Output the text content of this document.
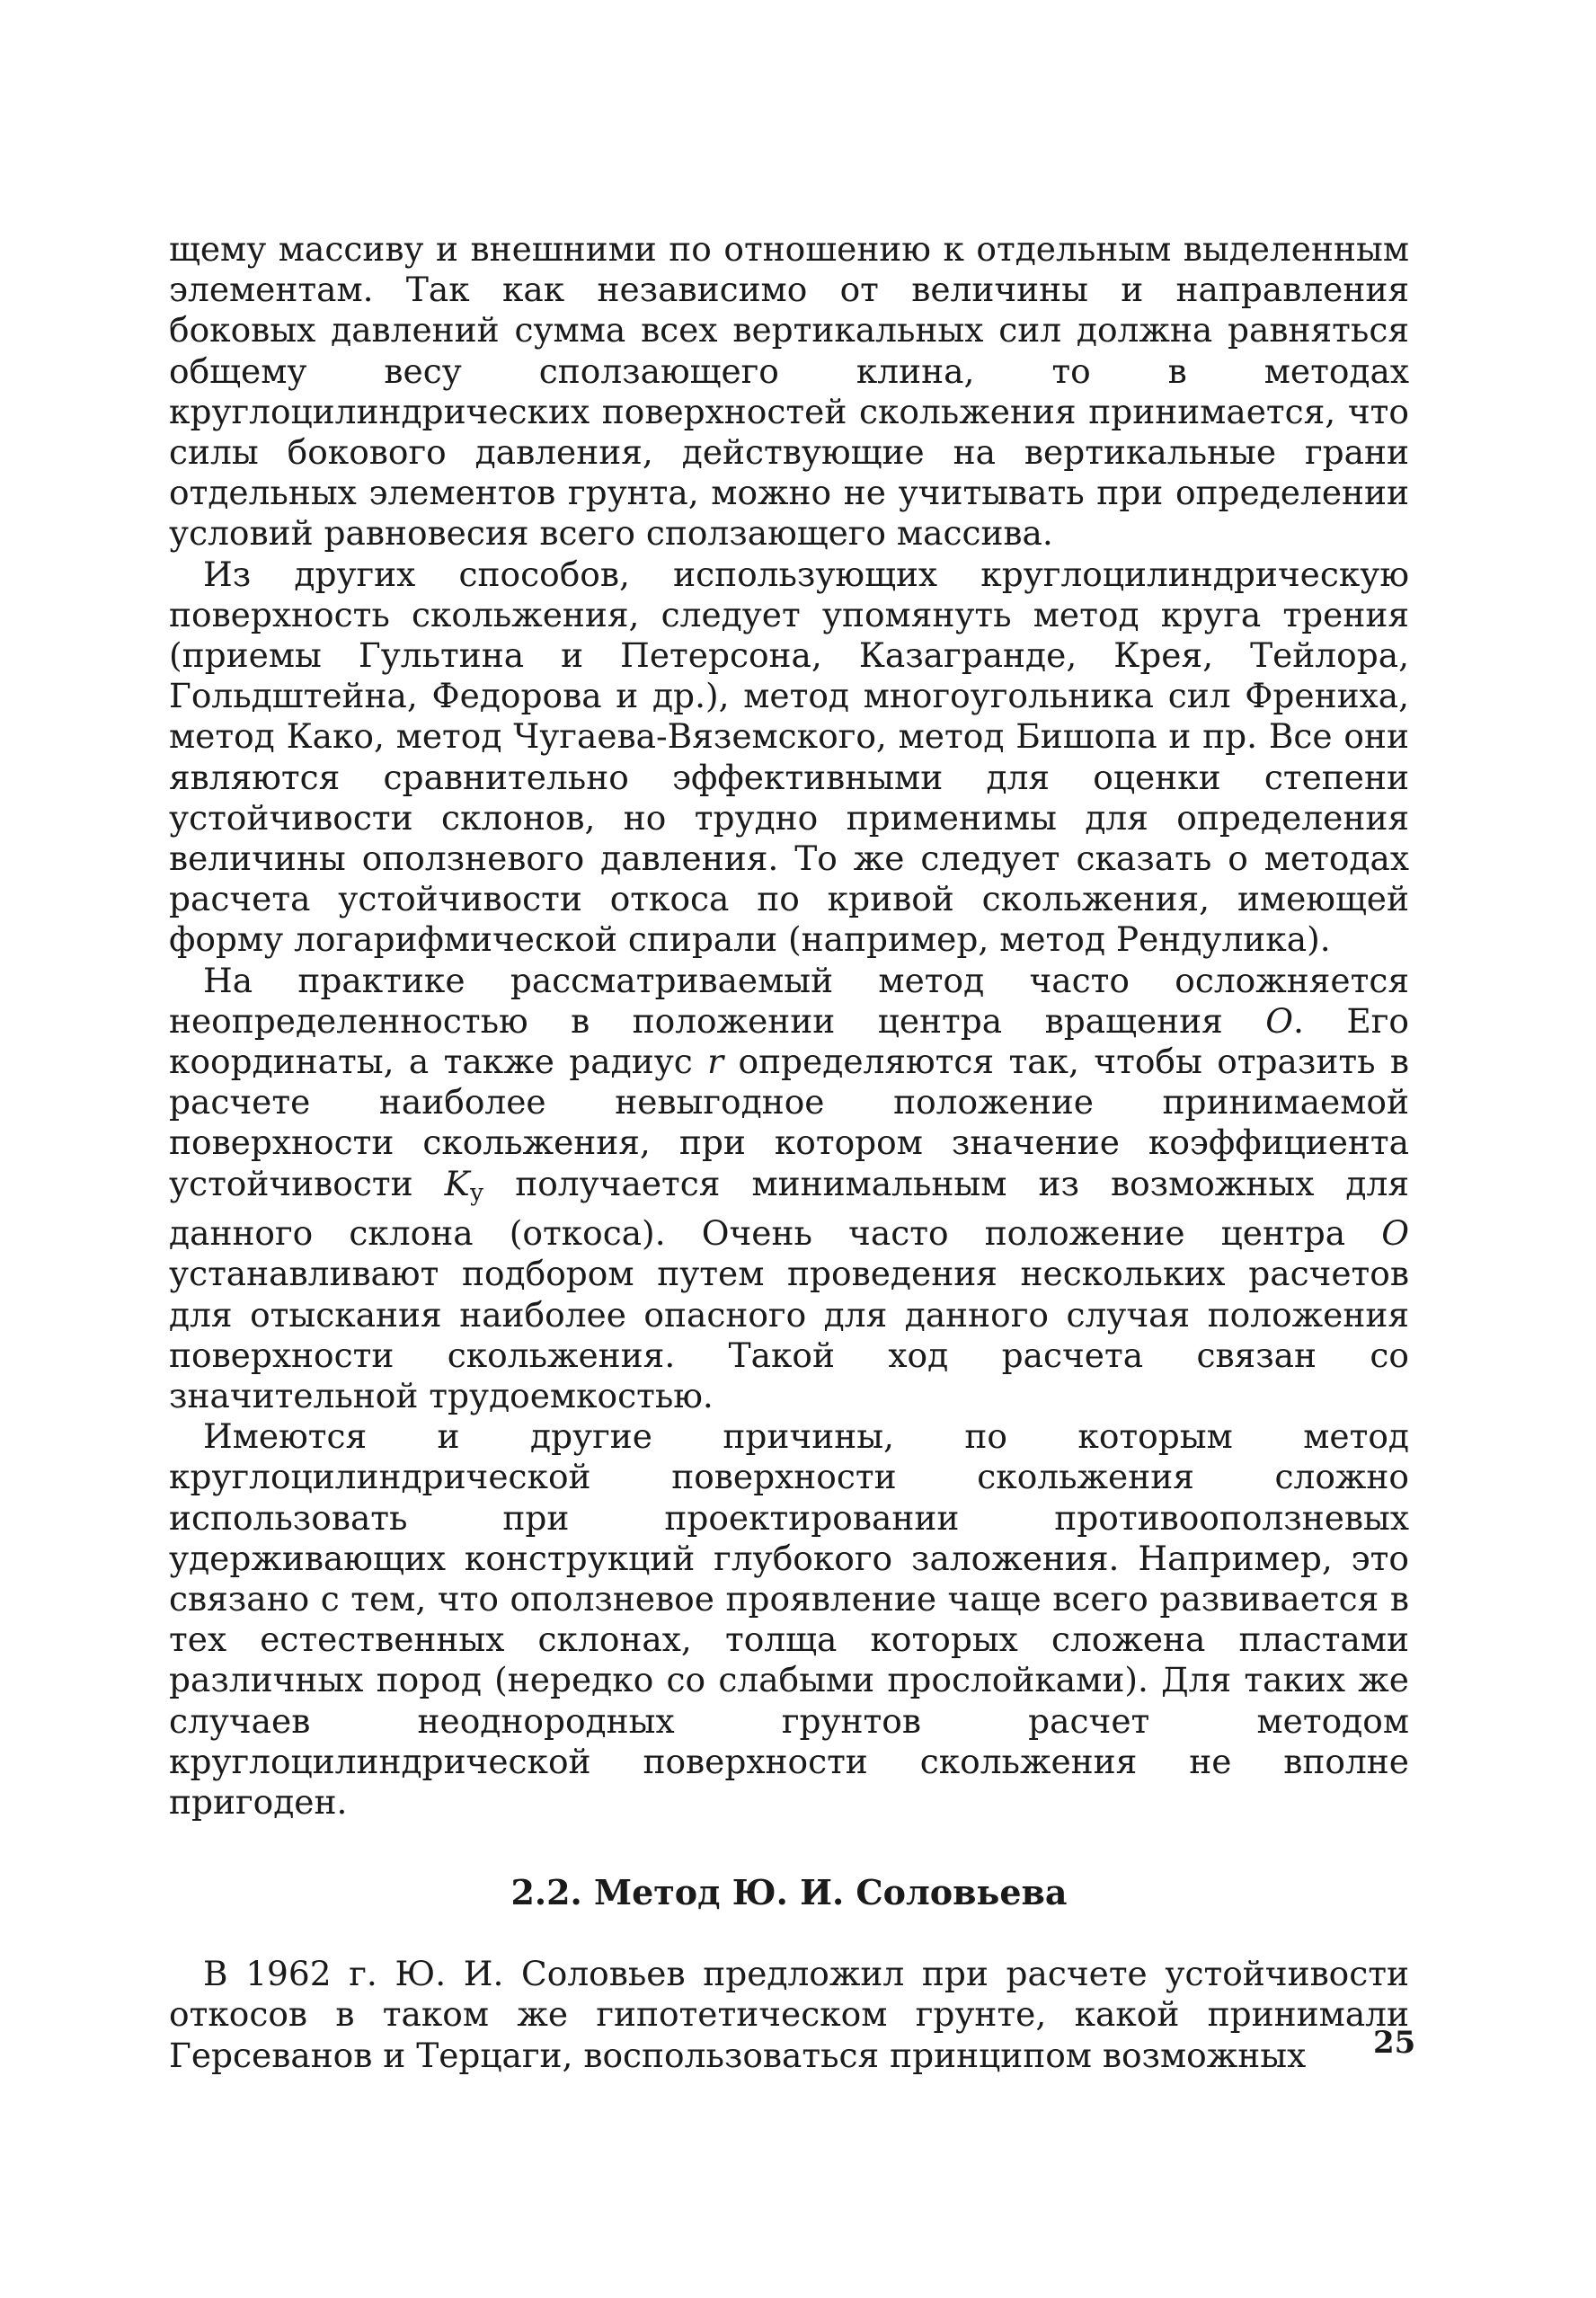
щему массиву и внешними по отношению к отдельным выделенным элементам. Так как независимо от величины и направления боковых давлений сумма всех вертикальных сил должна равняться общему весу сползающего клина, то в методах круглоцилиндрических поверхностей скольжения принимается, что силы бокового давления, действующие на вертикальные грани отдельных элементов грунта, можно не учитывать при определении условий равновесия всего сползающего массива.

Из других способов, использующих круглоцилиндрическую поверхность скольжения, следует упомянуть метод круга трения (приемы Гультина и Петерсона, Казагранде, Крея, Тейлора, Гольдштейна, Федорова и др.), метод многоугольника сил Френиха, метод Како, метод Чугаева-Вяземского, метод Бишопа и пр. Все они являются сравнительно эффективными для оценки степени устойчивости склонов, но трудно применимы для определения величины оползневого давления. То же следует сказать о методах расчета устойчивости откоса по кривой скольжения, имеющей форму логарифмической спирали (например, метод Рендулика).

На практике рассматриваемый метод часто осложняется неопределенностью в положении центра вращения O. Его координаты, а также радиус r определяются так, чтобы отразить в расчете наиболее невыгодное положение принимаемой поверхности скольжения, при котором значение коэффициента устойчивости $K_у$ получается минимальным из возможных для данного склона (откоса). Очень часто положение центра O устанавливают подбором путем проведения нескольких расчетов для отыскания наиболее опасного для данного случая положения поверхности скольжения. Такой ход расчета связан со значительной трудоемкостью.

Имеются и другие причины, по которым метод круглоцилиндрической поверхности скольжения сложно использовать при проектировании противооползневых удерживающих конструкций глубокого заложения. Например, это связано с тем, что оползневое проявление чаще всего развивается в тех естественных склонах, толща которых сложена пластами различных пород (нередко со слабыми прослойками). Для таких же случаев неоднородных грунтов расчет методом круглоцилиндрической поверхности скольжения не вполне пригоден.

2.2. Метод Ю. И. Соловьева

В 1962 г. Ю. И. Соловьев предложил при расчете устойчивости откосов в таком же гипотетическом грунте, какой принимали Герсеванов и Терцаги, воспользоваться принципом возможных	25
